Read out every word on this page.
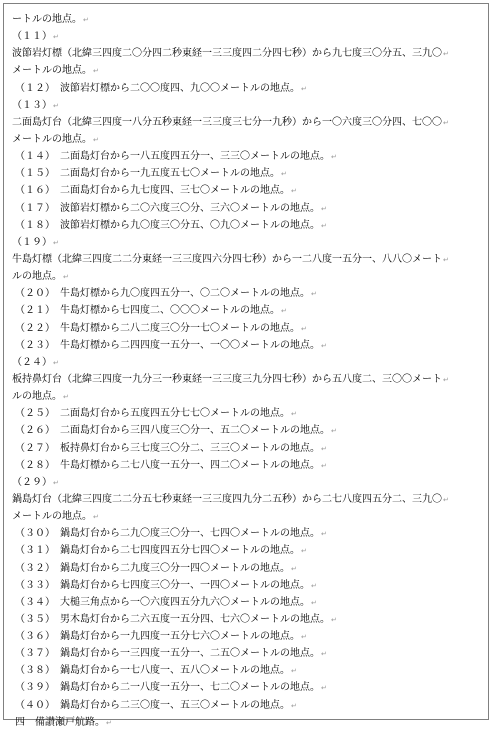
ートルの地点。↵
（１１）↵
波節岩灯標（北緯三四度二〇分四二秒東経一三三度四二分四七秒）から九七度三〇分五、三九〇↵
メートルの地点。↵
（１２）　波節岩灯標から二〇〇度四、九〇〇メートルの地点。↵
（１３）↵
二面島灯台（北緯三四度一八分五秒東経一三三度三七分一九秒）から一〇六度三〇分四、七〇〇↵
メートルの地点。↵
（１４）　二面島灯台から一八五度四五分一、三三〇メートルの地点。↵
（１５）　二面島灯台から一九五度五七〇メートルの地点。↵
（１６）　二面島灯台から九七度四、三七〇メートルの地点。↵
（１７）　波節岩灯標から二〇六度三〇分、三六〇メートルの地点。↵
（１８）　波節岩灯標から九〇度三〇分五、〇九〇メートルの地点。↵
（１９）↵
牛島灯標（北緯三四度二二分東経一三三度四六分四七秒）から一二八度一五分一、八八〇メート↵
ルの地点。↵
（２０）　牛島灯標から九〇度四五分一、〇二〇メートルの地点。↵
（２１）　牛島灯標から七四度二、〇〇〇メートルの地点。↵
（２２）　牛島灯標から二八二度三〇分一七〇メートルの地点。↵
（２３）　牛島灯標から二四四度一五分一、一〇〇メートルの地点。↵
（２４）↵
板持鼻灯台（北緯三四度一九分三一秒東経一三三度三九分四七秒）から五八度二、三〇〇メート↵
ルの地点。↵
（２５）　二面島灯台から五度四五分七七〇メートルの地点。↵
（２６）　二面島灯台から三四八度三〇分一、五二〇メートルの地点。↵
（２７）　板持鼻灯台から三七度三〇分二、三三〇メートルの地点。↵
（２８）　牛島灯標から二七八度一五分一、四二〇メートルの地点。↵
（２９）↵
鍋島灯台（北緯三四度二二分五七秒東経一三三度四九分二五秒）から二七八度四五分二、三九〇↵
メートルの地点。↵
（３０）　鍋島灯台から二九〇度三〇分一、七四〇メートルの地点。↵
（３１）　鍋島灯台から二七四度四五分七四〇メートルの地点。↵
（３２）　鍋島灯台から二九度三〇分一四〇メートルの地点。↵
（３３）　鍋島灯台から七四度三〇分一、一四〇メートルの地点。↵
（３４）　大槌三角点から一〇六度四五分九六〇メートルの地点。↵
（３５）　男木島灯台から二六五度一五分四、七六〇メートルの地点。↵
（３６）　鍋島灯台から一九四度一五分七六〇メートルの地点。↵
（３７）　鍋島灯台から一三四度一五分一、二五〇メートルの地点。↵
（３８）　鍋島灯台から一七八度一、五八〇メートルの地点。↵
（３９）　鍋島灯台から二一八度一五分一、七二〇メートルの地点。↵
（４０）　鍋島灯台から二三〇度一、五三〇メートルの地点。↵
四　備讃瀬戸航路。↵
